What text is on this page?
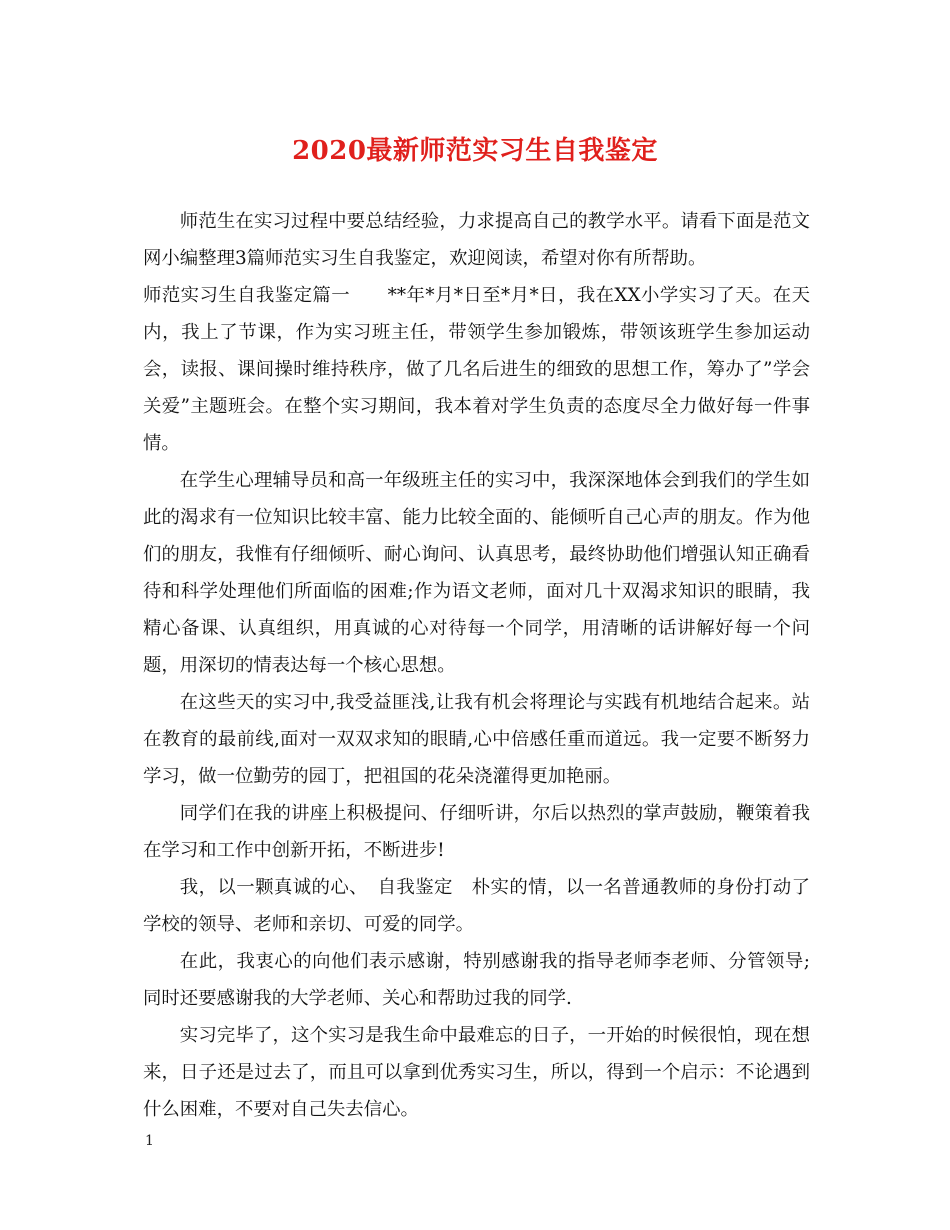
2020最新师范实习生自我鉴定

师范生在实习过程中要总结经验，力求提高自己的教学水平。请看下面是范文网小编整理3篇师范实习生自我鉴定，欢迎阅读，希望对你有所帮助。

师范实习生自我鉴定篇一　　**年*月*日至*月*日，我在XX小学实习了天。在天内，我上了节课，作为实习班主任，带领学生参加锻炼，带领该班学生参加运动会，读报、课间操时维持秩序，做了几名后进生的细致的思想工作，筹办了”学会关爱”主题班会。在整个实习期间，我本着对学生负责的态度尽全力做好每一件事情。

在学生心理辅导员和高一年级班主任的实习中，我深深地体会到我们的学生如此的渴求有一位知识比较丰富、能力比较全面的、能倾听自己心声的朋友。作为他们的朋友，我惟有仔细倾听、耐心询问、认真思考，最终协助他们增强认知正确看待和科学处理他们所面临的困难;作为语文老师，面对几十双渴求知识的眼睛，我精心备课、认真组织，用真诚的心对待每一个同学，用清晰的话讲解好每一个问题，用深切的情表达每一个核心思想。

在这些天的实习中,我受益匪浅,让我有机会将理论与实践有机地结合起来。站在教育的最前线,面对一双双求知的眼睛,心中倍感任重而道远。我一定要不断努力学习，做一位勤劳的园丁，把祖国的花朵浇灌得更加艳丽。

同学们在我的讲座上积极提问、仔细听讲，尔后以热烈的掌声鼓励，鞭策着我在学习和工作中创新开拓，不断进步!

我，以一颗真诚的心、　自我鉴定　朴实的情，以一名普通教师的身份打动了学校的领导、老师和亲切、可爱的同学。

在此，我衷心的向他们表示感谢，特别感谢我的指导老师李老师、分管领导;同时还要感谢我的大学老师、关心和帮助过我的同学.

实习完毕了，这个实习是我生命中最难忘的日子，一开始的时候很怕，现在想来，日子还是过去了，而且可以拿到优秀实习生，所以，得到一个启示：不论遇到什么困难，不要对自己失去信心。

1
